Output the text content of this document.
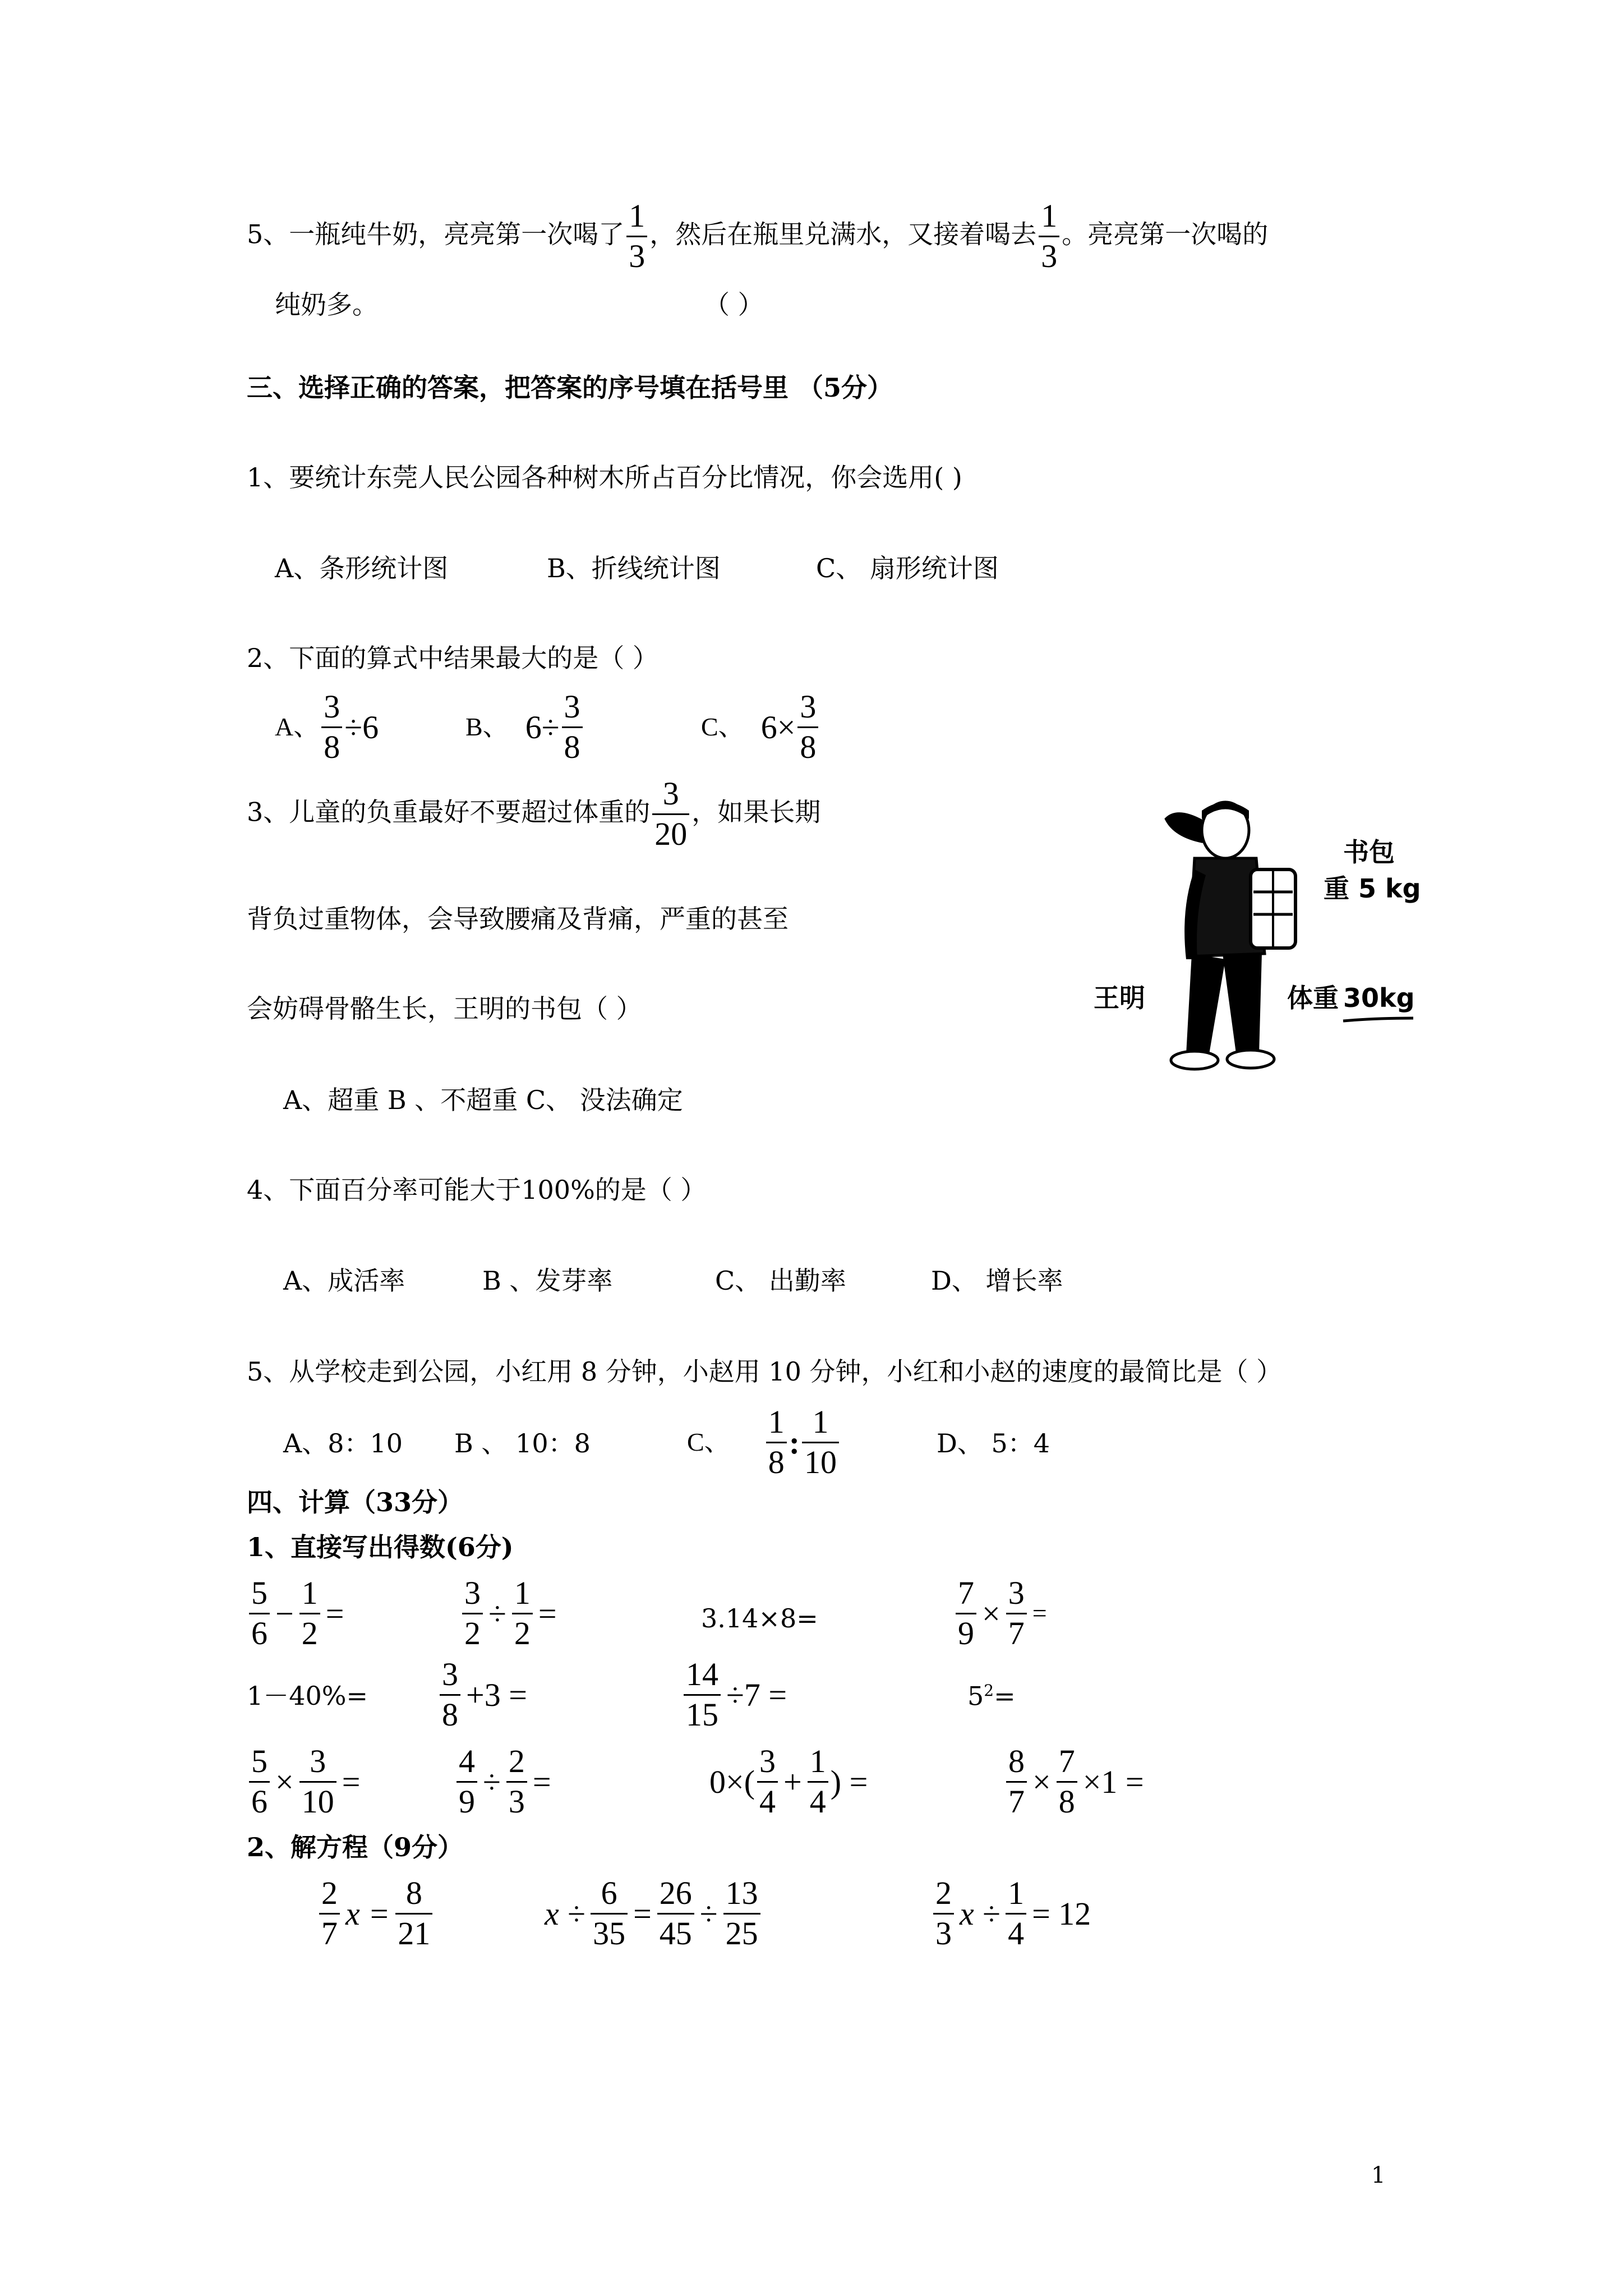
5、一瓶纯牛奶，亮亮第一次喝了 $\frac{1}{3}$ ，然后在瓶里兑满水，又接着喝去 $\frac{1}{3}$ 。亮亮第一次喝的
纯奶多。	（ ）
三、选择正确的答案，把答案的序号填在括号里 （5分）
1、要统计东莞人民公园各种树木所占百分比情况，你会选用( )
A、条形统计图	B、折线统计图	C、 扇形统计图
2、下面的算式中结果最大的是（ ）
A、 $\frac{3}{8} \div 6$	B、 $6\div \frac{3}{8}$	C、 $6\times \frac{3}{8}$
3、儿童的负重最好不要超过体重的 $\frac{3}{20}$ ，如果长期
背负过重物体，会导致腰痛及背痛，严重的甚至
会妨碍骨骼生长，王明的书包（ ）
A、超重 B 、不超重 C、 没法确定
书包
重 5 kg
王明	体重 30kg
4、下面百分率可能大于100%的是（ ）
A、成活率	B 、发芽率	C、 出勤率	D、 增长率
5、从学校走到公园，小红用 8 分钟，小赵用 10 分钟，小红和小赵的速度的最简比是（ ）
A、8：10 B 、 10：8	C、 $\frac{1}{8}$ : $\frac{1}{10}$	D、 5：4
四、计算（33分）
1、直接写出得数(6分)
$\frac{5}{6} - \frac{1}{2}$ =	$\frac{3}{2} \div \frac{1}{2}$ =	3.14×8=	$\frac{7}{9} \times \frac{3}{7}$ =
$1-40\%= \frac{3}{8} +3$ =	$\frac{14}{15} \div 7$ =	$5^2=$
$\frac{5}{6} \times \frac{3}{10}$ =	$\frac{4}{9} \div \frac{2}{3}$ =	$0\times( \frac{3}{4} + \frac{1}{4}$ ) =	$\frac{8}{7} \times \frac{7}{8} \times 1$ =
2、解方程（9分）
$\frac{2}{7}$ $x = \frac{8}{21}$	$x \div \frac{6}{35} = \frac{26}{45} \div \frac{13}{25}$	$\frac{2}{3}$ $x \div \frac{1}{4} = 12$
1
